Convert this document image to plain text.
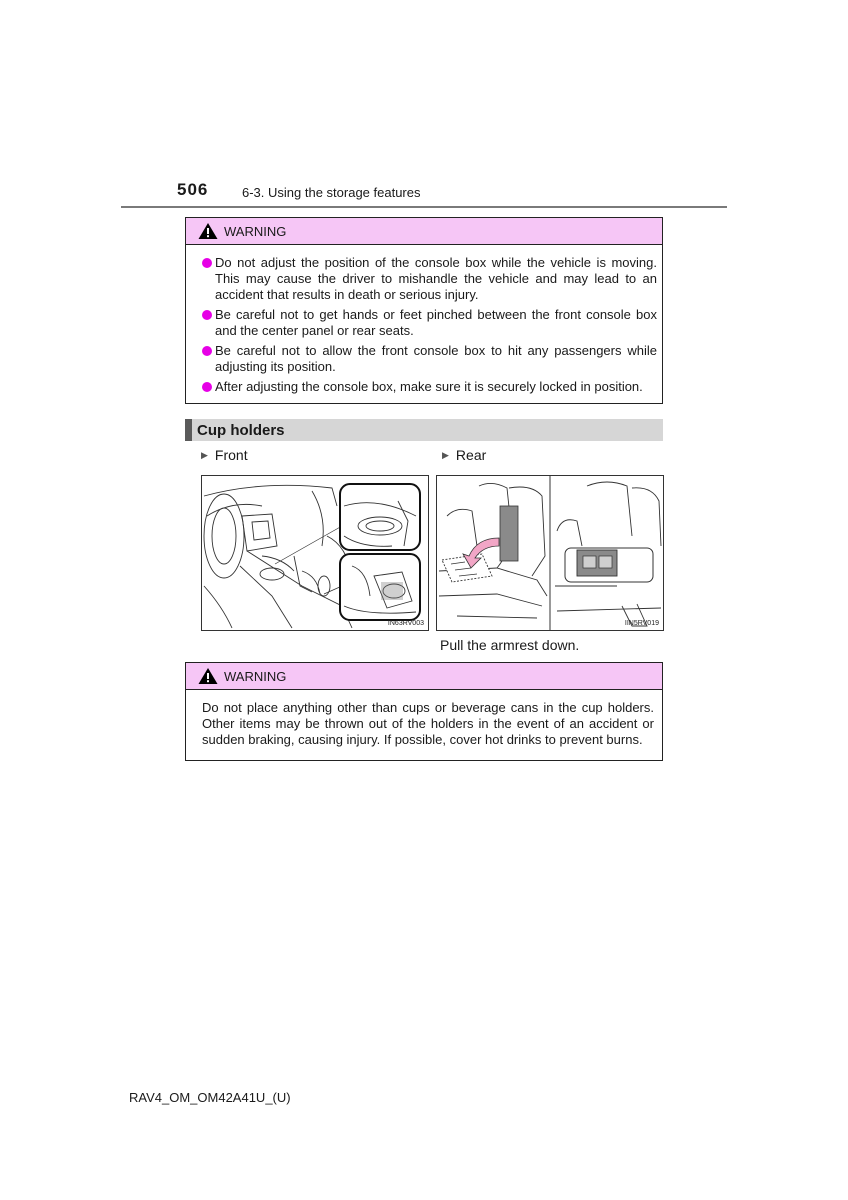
506	6-3. Using the storage features
WARNING
Do not adjust the position of the console box while the vehicle is moving. This may cause the driver to mishandle the vehicle and may lead to an accident that results in death or serious injury.
Be careful not to get hands or feet pinched between the front console box and the center panel or rear seats.
Be careful not to allow the front console box to hit any passengers while adjusting its position.
After adjusting the console box, make sure it is securely locked in position.
Cup holders
▶ Front	▶ Rear
IN63RV003	IIN5RV019
Pull the armrest down.
WARNING

Do not place anything other than cups or beverage cans in the cup holders. Other items may be thrown out of the holders in the event of an accident or sudden braking, causing injury. If possible, cover hot drinks to prevent burns.

RAV4_OM_OM42A41U_(U)
